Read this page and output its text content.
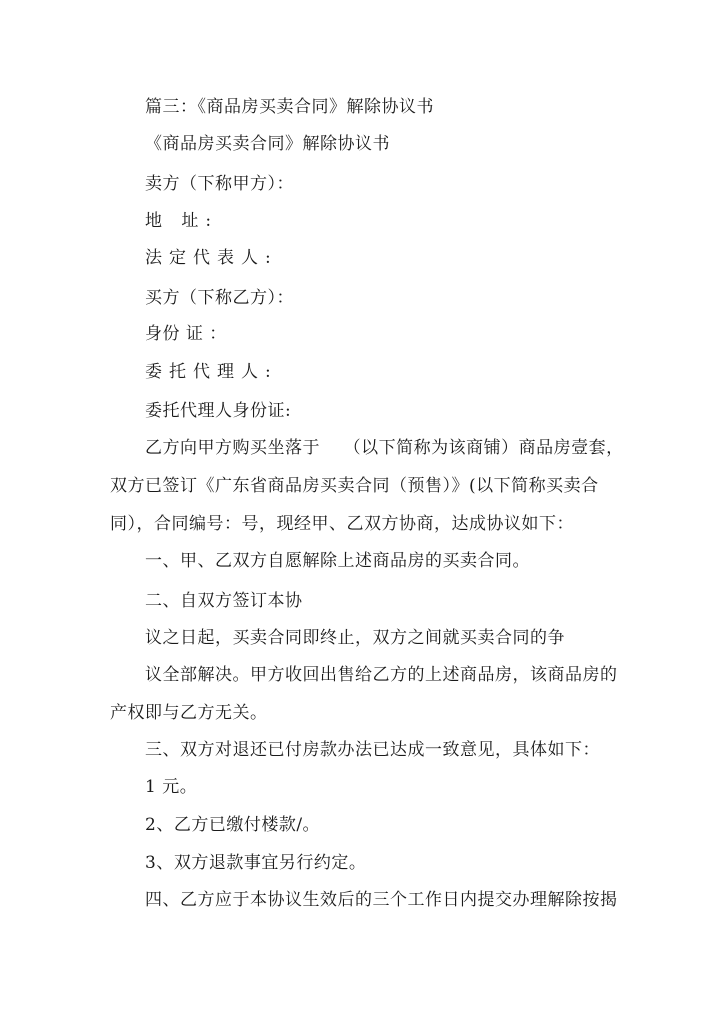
篇三：《商品房买卖合同》解除协议书
《商品房买卖合同》解除协议书
卖方（下称甲方）：
地 址:
法定代表人:
买方（下称乙方）：
身份 证 ：
委托代理人:
委托代理人身份证:
乙方向甲方购买坐落于    （以下简称为该商铺）商品房壹套，
双方已签订《广东省商品房买卖合同（预售）》(以下简称买卖合
同），合同编号：号，现经甲、乙双方协商，达成协议如下：
一、甲、乙双方自愿解除上述商品房的买卖合同。
二、自双方签订本协
议之日起，买卖合同即终止，双方之间就买卖合同的争
议全部解决。甲方收回出售给乙方的上述商品房，该商品房的
产权即与乙方无关。
三、双方对退还已付房款办法已达成一致意见，具体如下：
1 元。
2、乙方已缴付楼款/。
3、双方退款事宜另行约定。
四、乙方应于本协议生效后的三个工作日内提交办理解除按揭
